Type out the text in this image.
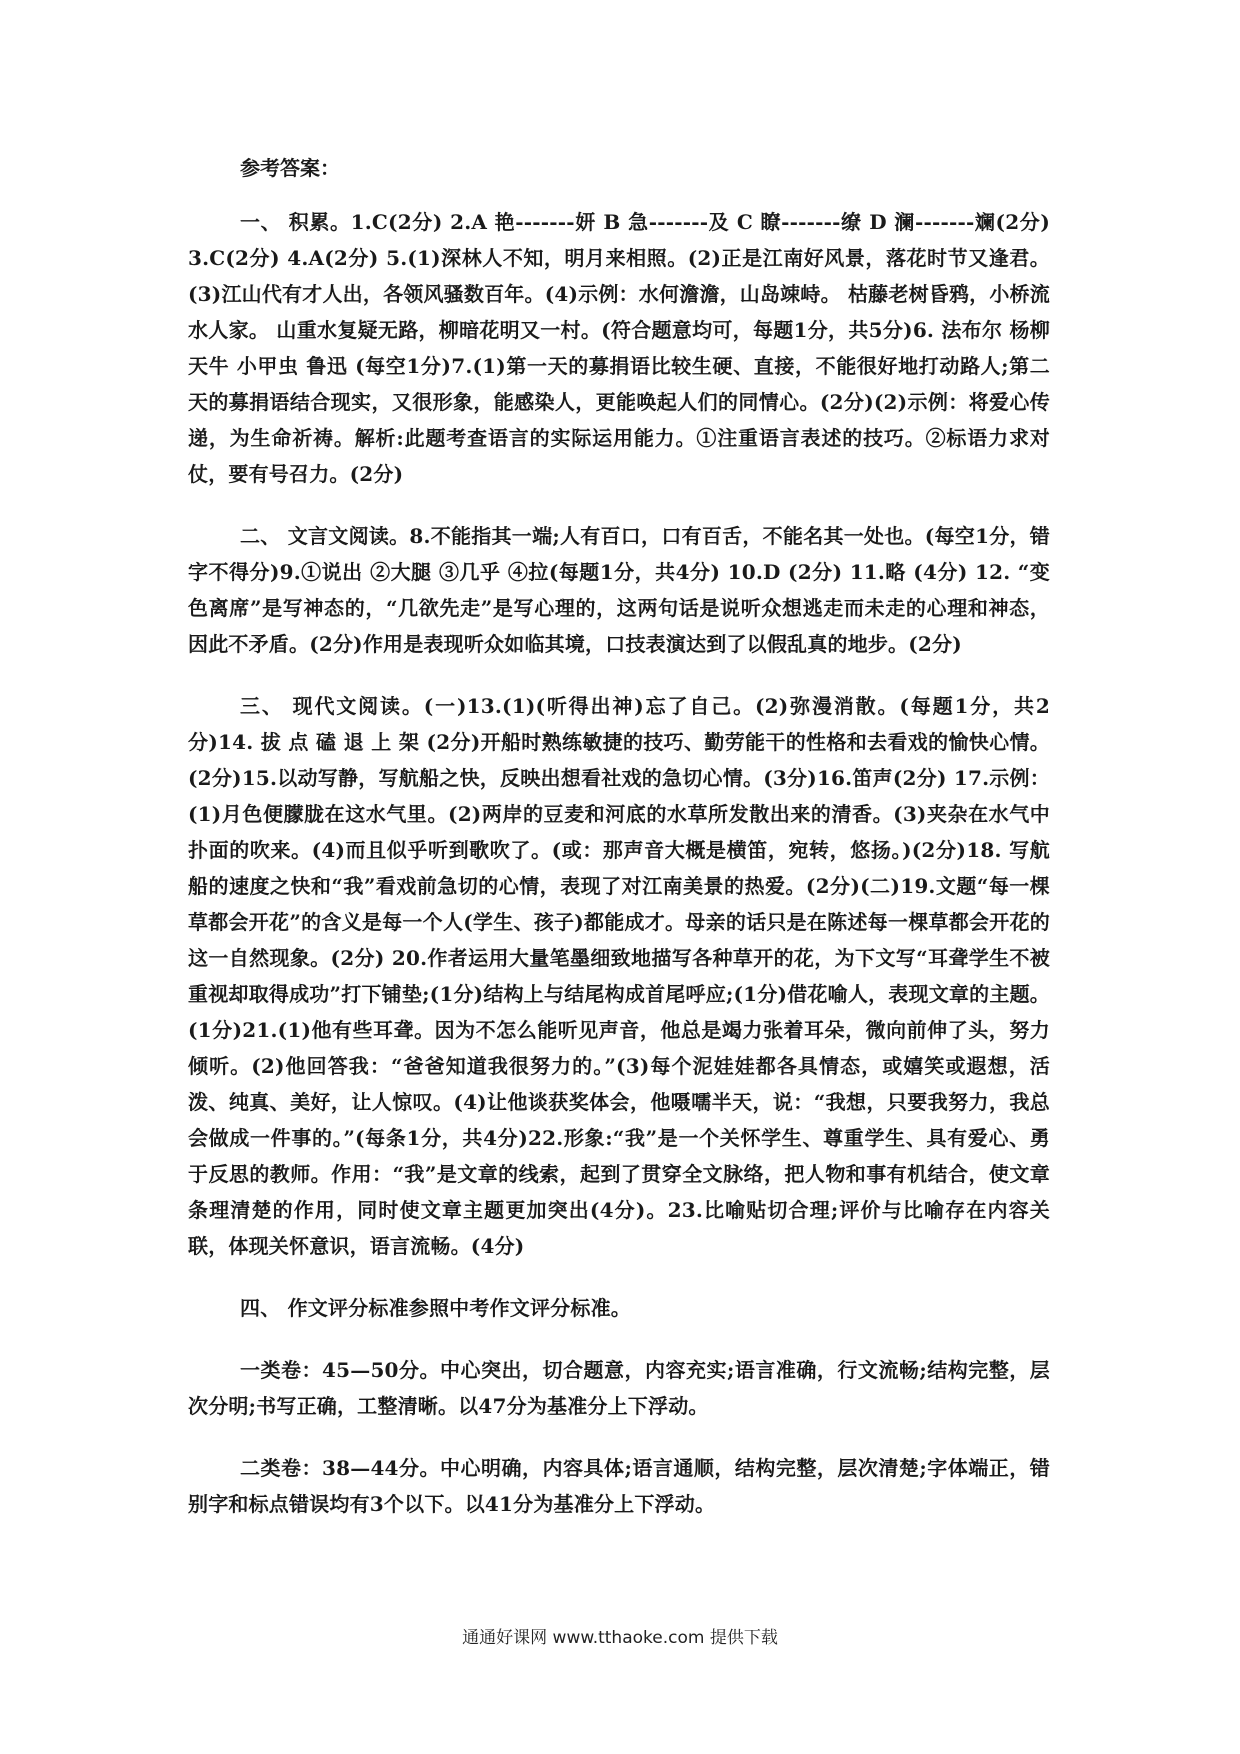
参考答案：

一、 积累。1.C(2分) 2.A 艳-------妍 B 急-------及 C 瞭-------缭 D 澜-------斓(2分) 3.C(2分) 4.A(2分) 5.(1)深林人不知，明月来相照。(2)正是江南好风景，落花时节又逢君。(3)江山代有才人出，各领风骚数百年。(4)示例：水何澹澹，山岛竦峙。 枯藤老树昏鸦，小桥流水人家。 山重水复疑无路，柳暗花明又一村。(符合题意均可，每题1分，共5分)6. 法布尔 杨柳天牛 小甲虫 鲁迅 (每空1分)7.(1)第一天的募捐语比较生硬、直接，不能很好地打动路人;第二天的募捐语结合现实，又很形象，能感染人，更能唤起人们的同情心。(2分)(2)示例：将爱心传递，为生命祈祷。解析:此题考查语言的实际运用能力。①注重语言表述的技巧。②标语力求对仗，要有号召力。(2分)

二、 文言文阅读。8.不能指其一端;人有百口，口有百舌，不能名其一处也。(每空1分，错字不得分)9.①说出 ②大腿 ③几乎 ④拉(每题1分，共4分) 10.D (2分) 11.略 (4分) 12. “变色离席”是写神态的，“几欲先走”是写心理的，这两句话是说听众想逃走而未走的心理和神态，因此不矛盾。(2分)作用是表现听众如临其境，口技表演达到了以假乱真的地步。(2分)

三、 现代文阅读。(一)13.(1)(听得出神)忘了自己。(2)弥漫消散。(每题1分，共2分)14. 拔 点 磕 退 上 架 (2分)开船时熟练敏捷的技巧、勤劳能干的性格和去看戏的愉快心情。(2分)15.以动写静，写航船之快，反映出想看社戏的急切心情。(3分)16.笛声(2分) 17.示例：(1)月色便朦胧在这水气里。(2)两岸的豆麦和河底的水草所发散出来的清香。(3)夹杂在水气中扑面的吹来。(4)而且似乎听到歌吹了。(或：那声音大概是横笛，宛转，悠扬。)(2分)18. 写航船的速度之快和“我”看戏前急切的心情，表现了对江南美景的热爱。(2分)(二)19.文题“每一棵草都会开花”的含义是每一个人(学生、孩子)都能成才。母亲的话只是在陈述每一棵草都会开花的这一自然现象。(2分) 20.作者运用大量笔墨细致地描写各种草开的花，为下文写“耳聋学生不被重视却取得成功”打下铺垫;(1分)结构上与结尾构成首尾呼应;(1分)借花喻人，表现文章的主题。(1分)21.(1)他有些耳聋。因为不怎么能听见声音，他总是竭力张着耳朵，微向前伸了头，努力倾听。(2)他回答我：“爸爸知道我很努力的。”(3)每个泥娃娃都各具情态，或嬉笑或遐想，活泼、纯真、美好，让人惊叹。(4)让他谈获奖体会，他嗫嚅半天，说：“我想，只要我努力，我总会做成一件事的。”(每条1分，共4分)22.形象:“我”是一个关怀学生、尊重学生、具有爱心、勇于反思的教师。作用：“我”是文章的线索，起到了贯穿全文脉络，把人物和事有机结合，使文章条理清楚的作用，同时使文章主题更加突出(4分)。23.比喻贴切合理;评价与比喻存在内容关联，体现关怀意识，语言流畅。(4分)

四、 作文评分标准参照中考作文评分标准。

一类卷：45—50分。中心突出，切合题意，内容充实;语言准确，行文流畅;结构完整，层次分明;书写正确，工整清晰。以47分为基准分上下浮动。

二类卷：38—44分。中心明确，内容具体;语言通顺，结构完整，层次清楚;字体端正，错别字和标点错误均有3个以下。以41分为基准分上下浮动。

通通好课网 www.tthaoke.com 提供下载
